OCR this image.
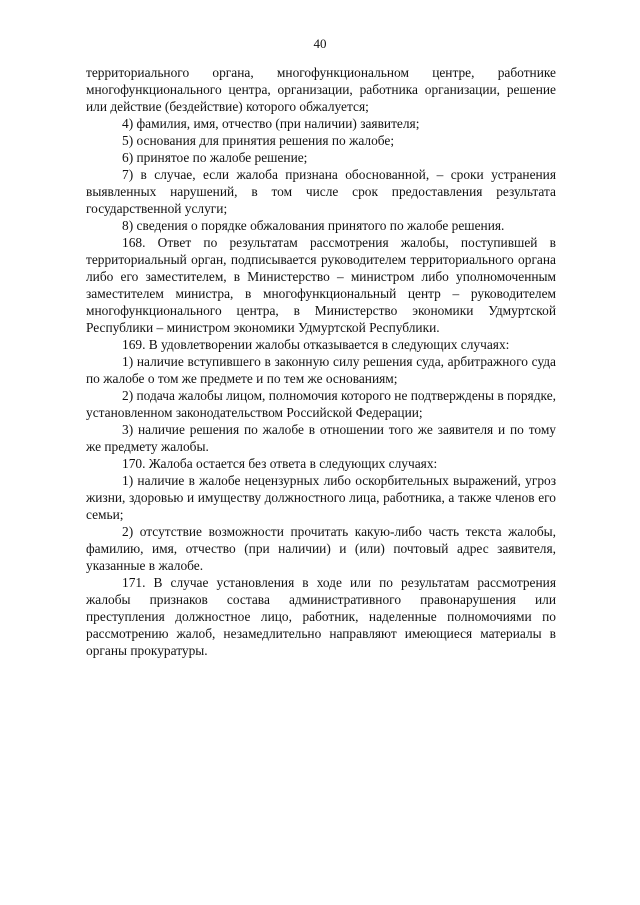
40

территориального органа, многофункциональном центре, работнике многофункционального центра, организации, работника организации, решение или действие (бездействие) которого обжалуется;

4) фамилия, имя, отчество (при наличии) заявителя;

5) основания для принятия решения по жалобе;

6) принятое по жалобе решение;

7) в случае, если жалоба признана обоснованной, – сроки устранения выявленных нарушений, в том числе срок предоставления результата государственной услуги;

8) сведения о порядке обжалования принятого по жалобе решения.

168. Ответ по результатам рассмотрения жалобы, поступившей в территориальный орган, подписывается руководителем территориального органа либо его заместителем, в Министерство – министром либо уполномоченным заместителем министра, в многофункциональный центр – руководителем многофункционального центра, в Министерство экономики Удмуртской Республики – министром экономики Удмуртской Республики.

169. В удовлетворении жалобы отказывается в следующих случаях:

1) наличие вступившего в законную силу решения суда, арбитражного суда по жалобе о том же предмете и по тем же основаниям;

2) подача жалобы лицом, полномочия которого не подтверждены в порядке, установленном законодательством Российской Федерации;

3) наличие решения по жалобе в отношении того же заявителя и по тому же предмету жалобы.

170. Жалоба остается без ответа в следующих случаях:

1) наличие в жалобе нецензурных либо оскорбительных выражений, угроз жизни, здоровью и имуществу должностного лица, работника, а также членов его семьи;

2) отсутствие возможности прочитать какую-либо часть текста жалобы, фамилию, имя, отчество (при наличии) и (или) почтовый адрес заявителя, указанные в жалобе.

171. В случае установления в ходе или по результатам рассмотрения жалобы признаков состава административного правонарушения или преступления должностное лицо, работник, наделенные полномочиями по рассмотрению жалоб, незамедлительно направляют имеющиеся материалы в органы прокуратуры.
